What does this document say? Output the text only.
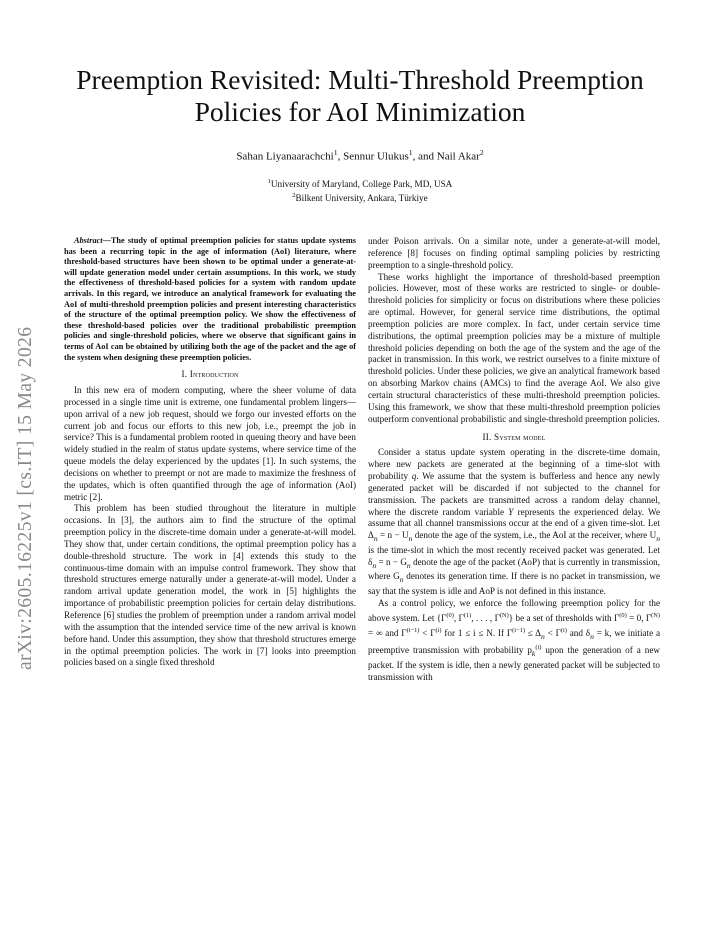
arXiv:2605.16225v1 [cs.IT] 15 May 2026
Preemption Revisited: Multi-Threshold Preemption Policies for AoI Minimization
Sahan Liyanaarachchi$^1$, Sennur Ulukus$^1$, and Nail Akar$^2$
$^1$University of Maryland, College Park, MD, USA
$^2$Bilkent University, Ankara, Türkiye

Abstract—The study of optimal preemption policies for status update systems has been a recurring topic in the age of information (AoI) literature, where threshold-based structures have been shown to be optimal under a generate-at-will update generation model under certain assumptions. In this work, we study the effectiveness of threshold-based policies for a system with random update arrivals. In this regard, we introduce an analytical framework for evaluating the AoI of multi-threshold preemption policies and present interesting characteristics of the structure of the optimal preemption policy. We show the effectiveness of these threshold-based policies over the traditional probabilistic preemption policies and single-threshold policies, where we observe that significant gains in terms of AoI can be obtained by utilizing both the age of the packet and the age of the system when designing these preemption policies.

I. Introduction

In this new era of modern computing, where the sheer volume of data processed in a single time unit is extreme, one fundamental problem lingers—upon arrival of a new job request, should we forgo our invested efforts on the current job and focus our efforts to this new job, i.e., preempt the job in service? This is a fundamental problem rooted in queuing theory and have been widely studied in the realm of status update systems, where service time of the queue models the delay experienced by the updates [1]. In such systems, the decisions on whether to preempt or not are made to maximize the freshness of the updates, which is often quantified through the age of information (AoI) metric [2].

This problem has been studied throughout the literature in multiple occasions. In [3], the authors aim to find the structure of the optimal preemption policy in the discrete-time domain under a generate-at-will model. They show that, under certain conditions, the optimal preemption policy has a double-threshold structure. The work in [4] extends this study to the continuous-time domain with an impulse control framework. They show that threshold structures emerge naturally under a generate-at-will model. Under a random arrival update generation model, the work in [5] highlights the importance of probabilistic preemption policies for certain delay distributions. Reference [6] studies the problem of preemption under a random arrival model with the assumption that the intended service time of the new arrival is known before hand. Under this assumption, they show that threshold structures emerge in the optimal preemption policies. The work in [7] looks into preemption policies based on a single fixed threshold

under Poison arrivals. On a similar note, under a generate-at-will model, reference [8] focuses on finding optimal sampling policies by restricting preemption to a single-threshold policy.

These works highlight the importance of threshold-based preemption policies. However, most of these works are restricted to single- or double-threshold policies for simplicity or focus on distributions where these policies are optimal. However, for general service time distributions, the optimal preemption policies are more complex. In fact, under certain service time distributions, the optimal preemption policies may be a mixture of multiple threshold policies depending on both the age of the system and the age of the packet in transmission. In this work, we restrict ourselves to a finite mixture of threshold policies. Under these policies, we give an analytical framework based on absorbing Markov chains (AMCs) to find the average AoI. We also give certain structural characteristics of these multi-threshold preemption policies. Using this framework, we show that these multi-threshold preemption policies outperform conventional probabilistic and single-threshold preemption policies.

II. System model

Consider a status update system operating in the discrete-time domain, where new packets are generated at the beginning of a time-slot with probability q. We assume that the system is bufferless and hence any newly generated packet will be discarded if not subjected to the channel for transmission. The packets are transmitted across a random delay channel, where the discrete random variable Y represents the experienced delay. We assume that all channel transmissions occur at the end of a given time-slot. Let $\Delta_n = n - U_n$ denote the age of the system, i.e., the AoI at the receiver, where $U_n$ is the time-slot in which the most recently received packet was generated. Let $\delta_n = n - G_n$ denote the age of the packet (AoP) that is currently in transmission, where $G_n$ denotes its generation time. If there is no packet in transmission, we say that the system is idle and AoP is not defined in this instance.

As a control policy, we enforce the following preemption policy for the above system. Let {$\Gamma^{(0)}$, $\Gamma^{(1)}$, . . . , $\Gamma^{(N)}$} be a set of thresholds with $\Gamma^{(0)} = 0$, $\Gamma^{(N)}$ = ∞ and $\Gamma^{(i-1)} < \Gamma^{(i)}$ for 1 ≤ i ≤ N. If $\Gamma^{(i-1)} \le \Delta_n < \Gamma^{(i)}$ and $\delta_n = k$, we initiate a preemptive transmission with probability $p_k^{(i)}$ upon the generation of a new packet. If the system is idle, then a newly generated packet will be subjected to transmission with
